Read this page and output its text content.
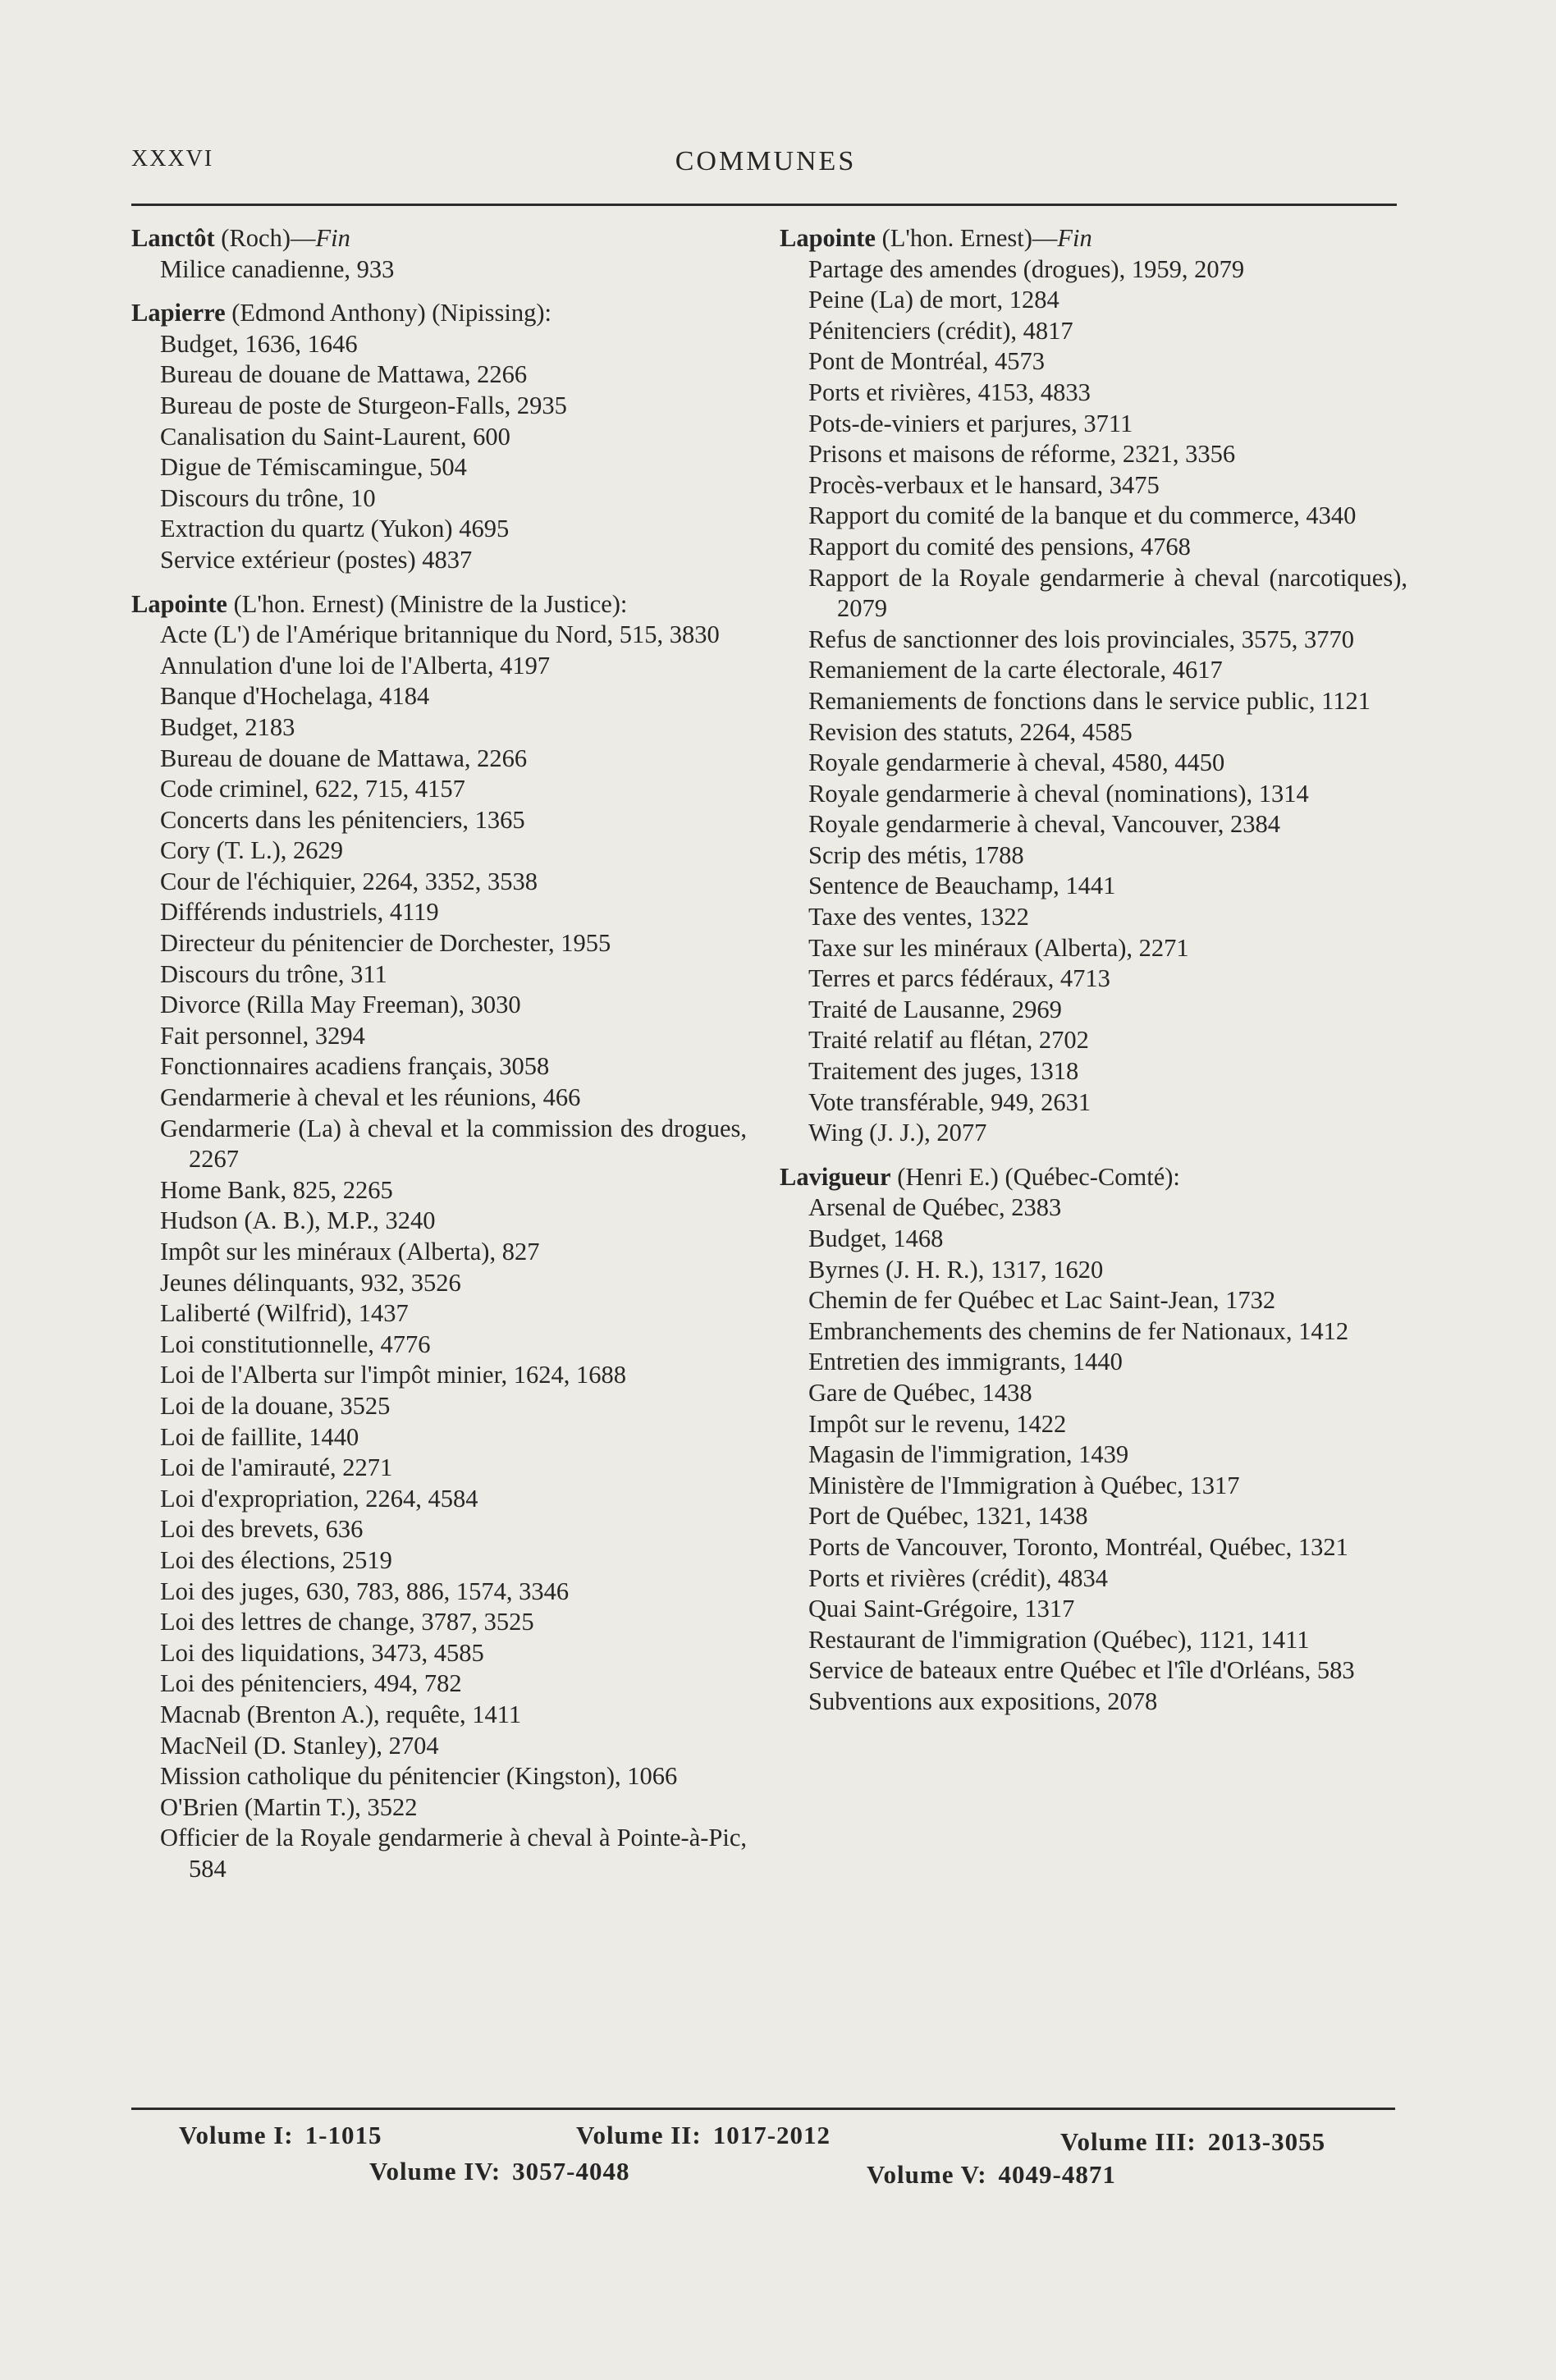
XXXVI	COMMUNES

Lanctôt (Roch)—Fin

Milice canadienne, 933

Lapierre (Edmond Anthony) (Nipissing):

Budget, 1636, 1646

Bureau de douane de Mattawa, 2266

Bureau de poste de Sturgeon-Falls, 2935

Canalisation du Saint-Laurent, 600

Digue de Témiscamingue, 504

Discours du trône, 10

Extraction du quartz (Yukon) 4695

Service extérieur (postes) 4837

Lapointe (L'hon. Ernest) (Ministre de la Justice):

Acte (L') de l'Amérique britannique du Nord, 515, 3830

Annulation d'une loi de l'Alberta, 4197

Banque d'Hochelaga, 4184

Budget, 2183

Bureau de douane de Mattawa, 2266

Code criminel, 622, 715, 4157

Concerts dans les pénitenciers, 1365

Cory (T. L.), 2629

Cour de l'échiquier, 2264, 3352, 3538

Différends industriels, 4119

Directeur du pénitencier de Dorchester, 1955

Discours du trône, 311

Divorce (Rilla May Freeman), 3030

Fait personnel, 3294

Fonctionnaires acadiens français, 3058

Gendarmerie à cheval et les réunions, 466

Gendarmerie (La) à cheval et la commission des drogues, 2267

Home Bank, 825, 2265

Hudson (A. B.), M.P., 3240

Impôt sur les minéraux (Alberta), 827

Jeunes délinquants, 932, 3526

Laliberté (Wilfrid), 1437

Loi constitutionnelle, 4776

Loi de l'Alberta sur l'impôt minier, 1624, 1688

Loi de la douane, 3525

Loi de faillite, 1440

Loi de l'amirauté, 2271

Loi d'expropriation, 2264, 4584

Loi des brevets, 636

Loi des élections, 2519

Loi des juges, 630, 783, 886, 1574, 3346

Loi des lettres de change, 3787, 3525

Loi des liquidations, 3473, 4585

Loi des pénitenciers, 494, 782

Macnab (Brenton A.), requête, 1411

MacNeil (D. Stanley), 2704

Mission catholique du pénitencier (Kingston), 1066

O'Brien (Martin T.), 3522

Officier de la Royale gendarmerie à cheval à Pointe-à-Pic, 584

Lapointe (L'hon. Ernest)—Fin

Partage des amendes (drogues), 1959, 2079

Peine (La) de mort, 1284

Pénitenciers (crédit), 4817

Pont de Montréal, 4573

Ports et rivières, 4153, 4833

Pots-de-viniers et parjures, 3711

Prisons et maisons de réforme, 2321, 3356

Procès-verbaux et le hansard, 3475

Rapport du comité de la banque et du commerce, 4340

Rapport du comité des pensions, 4768

Rapport de la Royale gendarmerie à cheval (narcotiques), 2079

Refus de sanctionner des lois provinciales, 3575, 3770

Remaniement de la carte électorale, 4617

Remaniements de fonctions dans le service public, 1121

Revision des statuts, 2264, 4585

Royale gendarmerie à cheval, 4580, 4450

Royale gendarmerie à cheval (nominations), 1314

Royale gendarmerie à cheval, Vancouver, 2384

Scrip des métis, 1788

Sentence de Beauchamp, 1441

Taxe des ventes, 1322

Taxe sur les minéraux (Alberta), 2271

Terres et parcs fédéraux, 4713

Traité de Lausanne, 2969

Traité relatif au flétan, 2702

Traitement des juges, 1318

Vote transférable, 949, 2631

Wing (J. J.), 2077

Lavigueur (Henri E.) (Québec-Comté):

Arsenal de Québec, 2383

Budget, 1468

Byrnes (J. H. R.), 1317, 1620

Chemin de fer Québec et Lac Saint-Jean, 1732

Embranchements des chemins de fer Nationaux, 1412

Entretien des immigrants, 1440

Gare de Québec, 1438

Impôt sur le revenu, 1422

Magasin de l'immigration, 1439

Ministère de l'Immigration à Québec, 1317

Port de Québec, 1321, 1438

Ports de Vancouver, Toronto, Montréal, Québec, 1321

Ports et rivières (crédit), 4834

Quai Saint-Grégoire, 1317

Restaurant de l'immigration (Québec), 1121, 1411

Service de bateaux entre Québec et l'île d'Orléans, 583

Subventions aux expositions, 2078

Volume I: 1-1015	Volume II: 1017-2012	Volume III: 2013-3055
Volume IV: 3057-4048	Volume V: 4049-4871
